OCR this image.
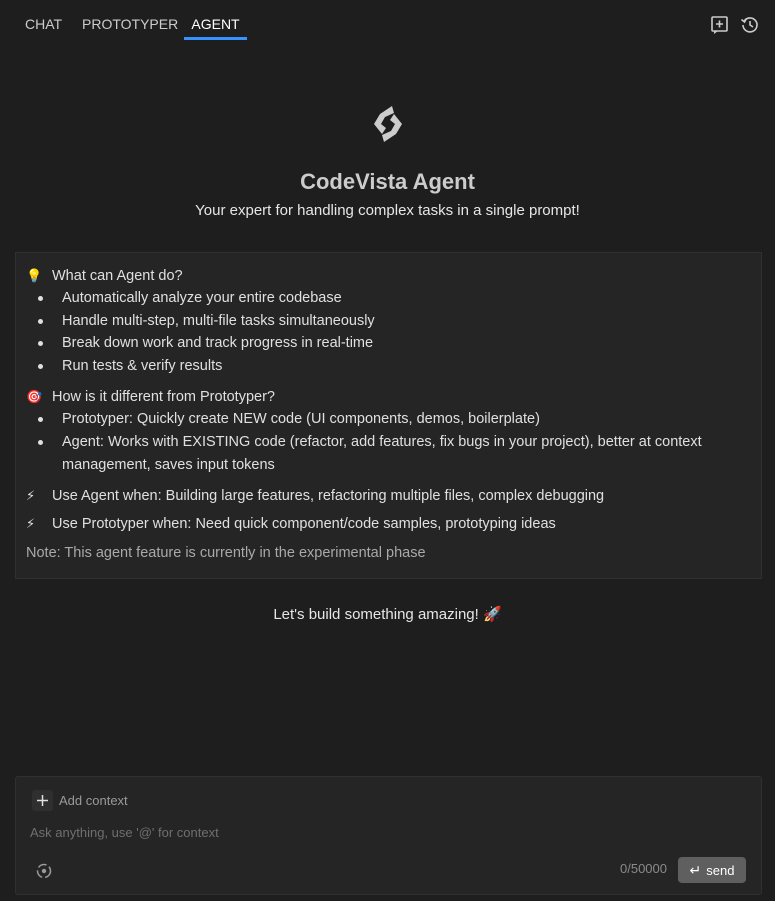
CHAT PROTOTYPER AGENT
CodeVista Agent
Your expert for handling complex tasks in a single prompt!
💡 What can Agent do?
Automatically analyze your entire codebase
Handle multi-step, multi-file tasks simultaneously
Break down work and track progress in real-time
Run tests & verify results
🎯 How is it different from Prototyper?
Prototyper: Quickly create NEW code (UI components, demos, boilerplate)
Agent: Works with EXISTING code (refactor, add features, fix bugs in your project), better at context management, saves input tokens
⚡	Use Agent when: Building large features, refactoring multiple files, complex debugging
⚡	Use Prototyper when: Need quick component/code samples, prototyping ideas
Note: This agent feature is currently in the experimental phase
Let's build something amazing! 🚀
Add context
Ask anything, use '@' for context
0/50000 ↵ send
